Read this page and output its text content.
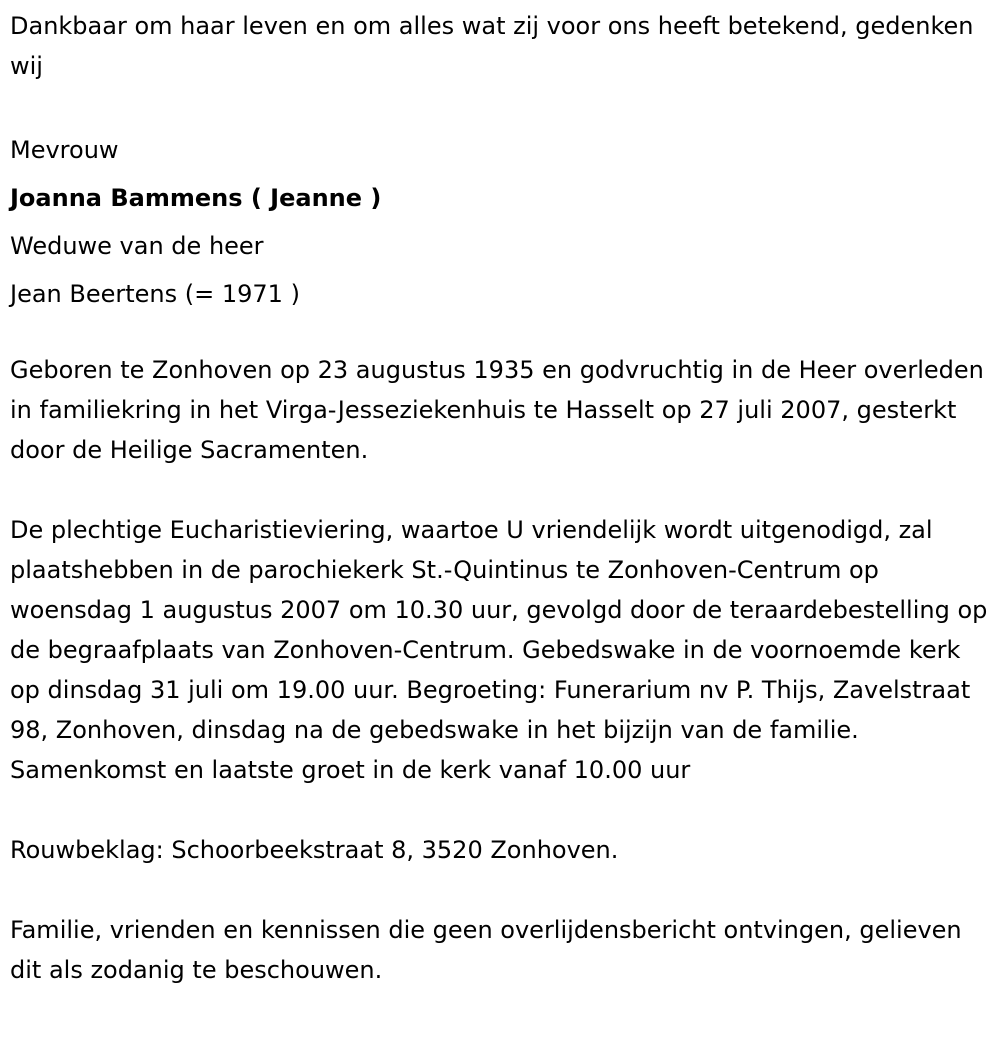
Dankbaar om haar leven en om alles wat zij voor ons heeft betekend, gedenken wij

Mevrouw

Joanna Bammens ( Jeanne )

Weduwe van de heer

Jean Beertens (= 1971 )

Geboren te Zonhoven op 23 augustus 1935 en godvruchtig in de Heer overleden in familiekring in het Virga-Jesseziekenhuis te Hasselt op 27 juli 2007, gesterkt door de Heilige Sacramenten.

De plechtige Eucharistieviering, waartoe U vriendelijk wordt uitgenodigd, zal plaatshebben in de parochiekerk St.-Quintinus te Zonhoven-Centrum op woensdag 1 augustus 2007 om 10.30 uur, gevolgd door de teraardebestelling op de begraafplaats van Zonhoven-Centrum. Gebedswake in de voornoemde kerk op dinsdag 31 juli om 19.00 uur. Begroeting: Funerarium nv P. Thijs, Zavelstraat 98, Zonhoven, dinsdag na de gebedswake in het bijzijn van de familie. Samenkomst en laatste groet in de kerk vanaf 10.00 uur

Rouwbeklag: Schoorbeekstraat 8, 3520 Zonhoven.

Familie, vrienden en kennissen die geen overlijdensbericht ontvingen, gelieven dit als zodanig te beschouwen.
